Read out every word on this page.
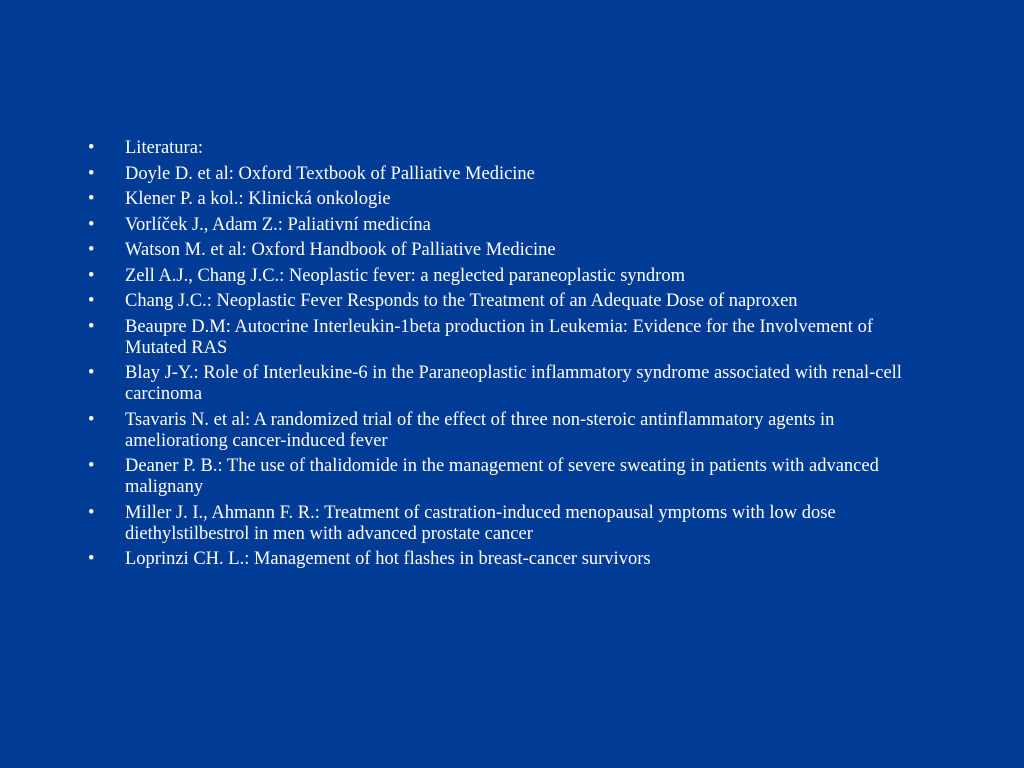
•	Literatura:
•	Doyle D. et al: Oxford Textbook of Palliative Medicine
•	Klener P. a kol.: Klinická onkologie
•	Vorlíček J., Adam Z.: Paliativní medicína
•	Watson M. et al: Oxford Handbook of Palliative Medicine
•	Zell A.J., Chang J.C.: Neoplastic fever: a neglected paraneoplastic syndrom
•	Chang J.C.: Neoplastic Fever Responds to the Treatment of an Adequate Dose of naproxen
•	Beaupre D.M: Autocrine Interleukin-1beta production in Leukemia: Evidence for the Involvement of Mutated RAS
•	Blay J-Y.: Role of Interleukine-6 in the Paraneoplastic inflammatory syndrome associated with renal-cell carcinoma
•	Tsavaris N. et al: A randomized trial of the effect of three non-steroic antinflammatory agents in ameliorationg cancer-induced fever
•	Deaner P. B.: The use of thalidomide in the management of severe sweating in patients with advanced malignany
•	Miller J. I., Ahmann F. R.: Treatment of castration-induced menopausal ymptoms with low dose diethylstilbestrol in men with advanced prostate cancer
•	Loprinzi CH. L.: Management of hot flashes in breast-cancer survivors
